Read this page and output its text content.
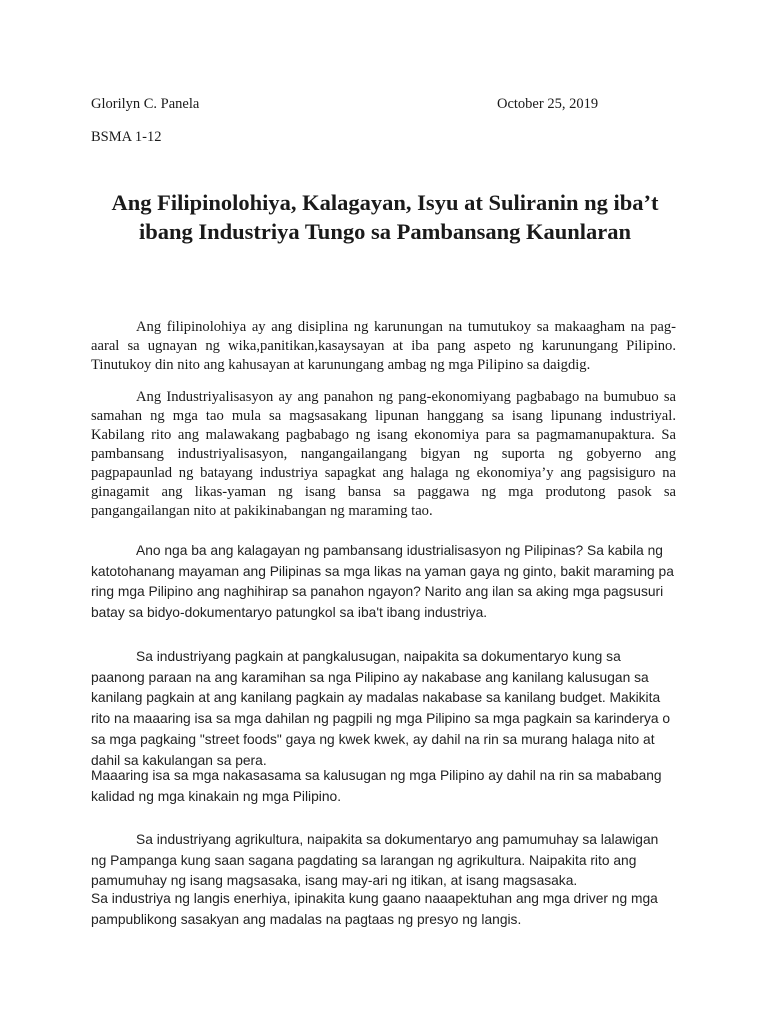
Glorilyn C. Panela	October 25, 2019
BSMA 1-12
Ang Filipinolohiya, Kalagayan, Isyu at Suliranin ng iba’t ibang Industriya Tungo sa Pambansang Kaunlaran

Ang filipinolohiya ay ang disiplina ng karunungan na tumutukoy sa makaagham na pag-aaral sa ugnayan ng wika,panitikan,kasaysayan at iba pang aspeto ng karunungang Pilipino. Tinutukoy din nito ang kahusayan at karunungang ambag ng mga Pilipino sa daigdig.

Ang Industriyalisasyon ay ang panahon ng pang-ekonomiyang pagbabago na bumubuo sa samahan ng mga tao mula sa magsasakang lipunan hanggang sa isang lipunang industriyal. Kabilang rito ang malawakang pagbabago ng isang ekonomiya para sa pagmamanupaktura. Sa pambansang industriyalisasyon, nangangailangang bigyan ng suporta ng gobyerno ang pagpapaunlad ng batayang industriya sapagkat ang halaga ng ekonomiya’y ang pagsisiguro na ginagamit ang likas-yaman ng isang bansa sa paggawa ng mga produtong pasok sa pangangailangan nito at pakikinabangan ng maraming tao.

Ano nga ba ang kalagayan ng pambansang idustrialisasyon ng Pilipinas? Sa kabila ng katotohanang mayaman ang Pilipinas sa mga likas na yaman gaya ng ginto, bakit maraming pa ring mga Pilipino ang naghihirap sa panahon ngayon? Narito ang ilan sa aking mga pagsusuri batay sa bidyo-dokumentaryo patungkol sa iba't ibang industriya.

Sa industriyang pagkain at pangkalusugan, naipakita sa dokumentaryo kung sa paanong paraan na ang karamihan sa nga Pilipino ay nakabase ang kanilang kalusugan sa kanilang pagkain at ang kanilang pagkain ay madalas nakabase sa kanilang budget. Makikita rito na maaaring isa sa mga dahilan ng pagpili ng mga Pilipino sa mga pagkain sa karinderya o sa mga pagkaing "street foods" gaya ng kwek kwek, ay dahil na rin sa murang halaga nito at dahil sa kakulangan sa pera.

Maaaring isa sa mga nakasasama sa kalusugan ng mga Pilipino ay dahil na rin sa mababang kalidad ng mga kinakain ng mga Pilipino.

Sa industriyang agrikultura, naipakita sa dokumentaryo ang pamumuhay sa lalawigan ng Pampanga kung saan sagana pagdating sa larangan ng agrikultura. Naipakita rito ang pamumuhay ng isang magsasaka, isang may-ari ng itikan, at isang magsasaka.

Sa industriya ng langis enerhiya, ipinakita kung gaano naaapektuhan ang mga driver ng mga pampublikong sasakyan ang madalas na pagtaas ng presyo ng langis.
